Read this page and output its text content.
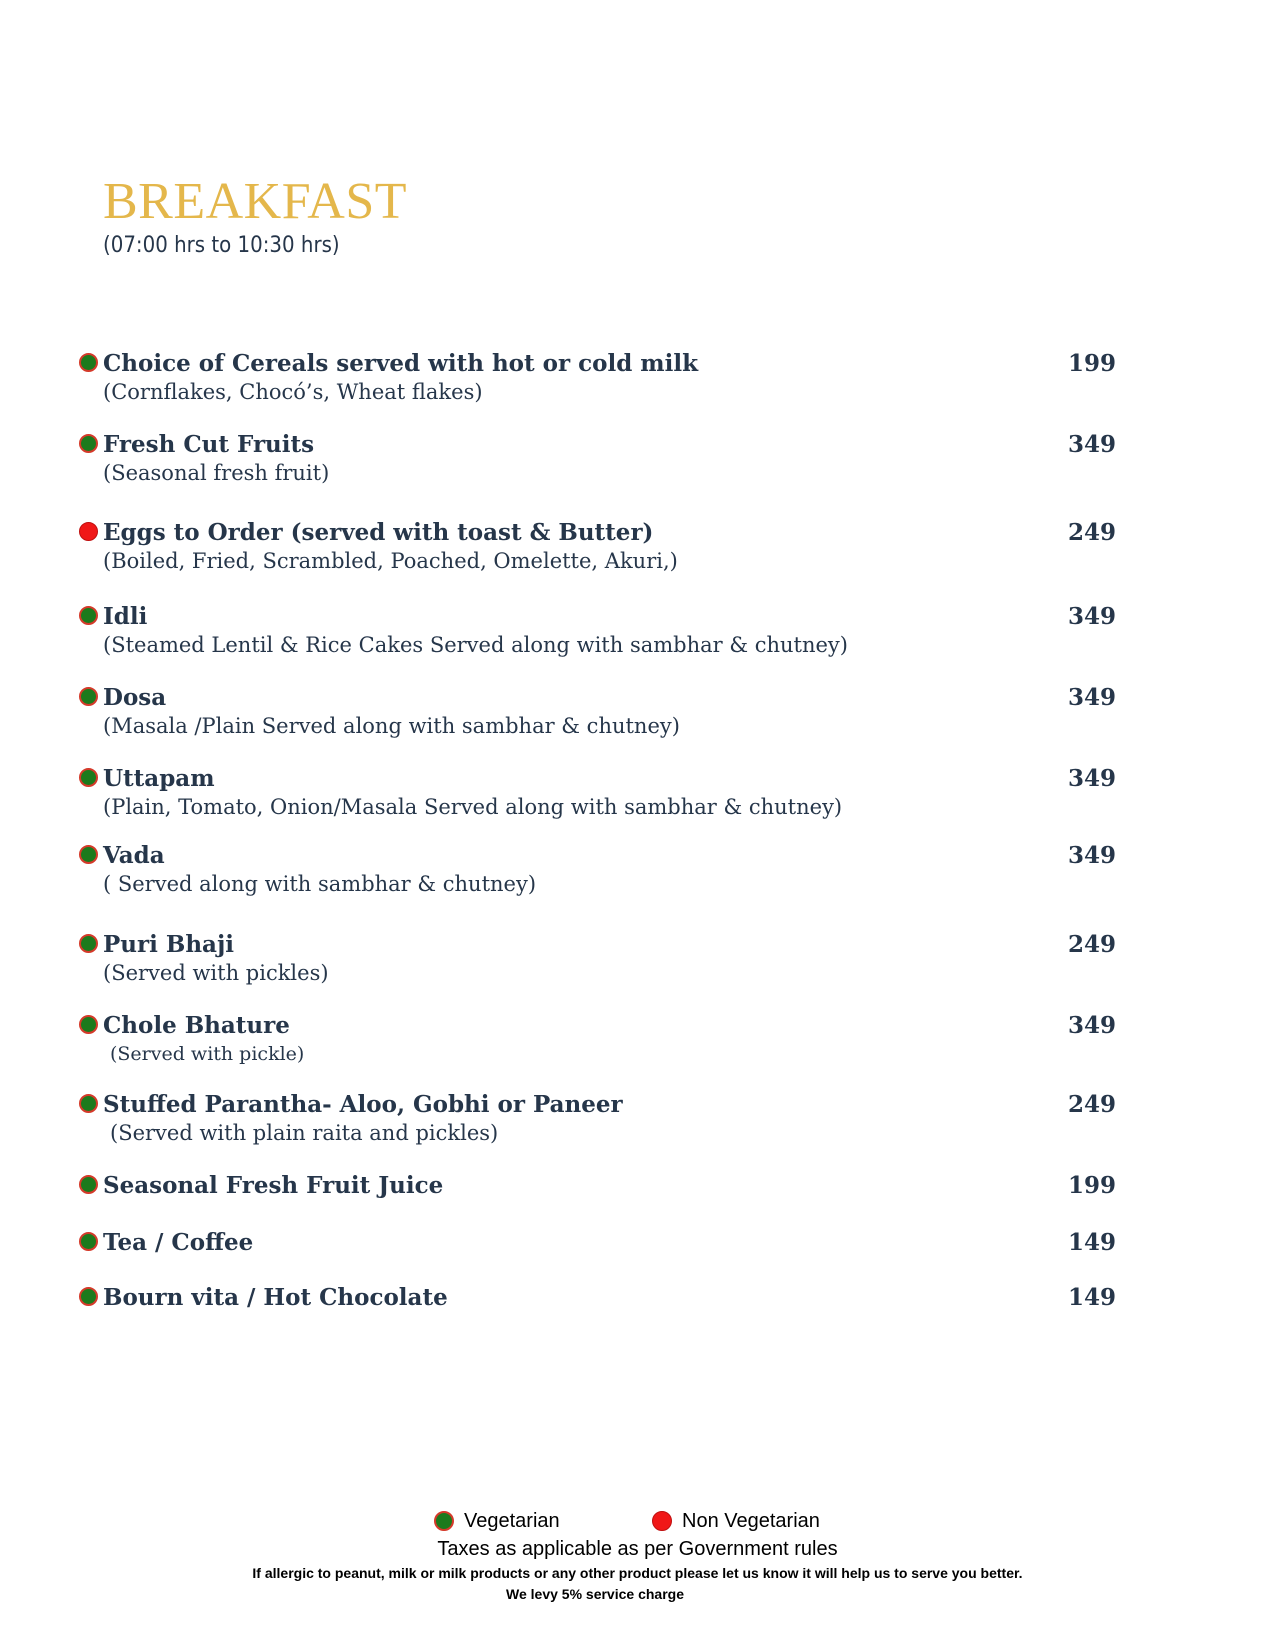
BREAKFAST
(07:00 hrs to 10:30 hrs)
Choice of Cereals served with hot or cold milk
(Cornflakes, Chocó’s, Wheat flakes)
199
Fresh Cut Fruits
(Seasonal fresh fruit)
349
Eggs to Order (served with toast & Butter)
(Boiled, Fried, Scrambled, Poached, Omelette, Akuri,)
249
Idli
(Steamed Lentil & Rice Cakes Served along with sambhar & chutney)
349
Dosa
(Masala /Plain Served along with sambhar & chutney)
349
Uttapam
(Plain, Tomato, Onion/Masala Served along with sambhar & chutney)
349
Vada
( Served along with sambhar & chutney)
349
Puri Bhaji
(Served with pickles)
249
Chole Bhature
(Served with pickle)
349
Stuffed Parantha- Aloo, Gobhi or Paneer
(Served with plain raita and pickles)
249
Seasonal Fresh Fruit Juice	199
Tea / Coffee	149
Bourn vita / Hot Chocolate	149
Vegetarian	Non Vegetarian
Taxes as applicable as per Government rules
If allergic to peanut, milk or milk products or any other product please let us know it will help us to serve you better.
We levy 5% service charge
